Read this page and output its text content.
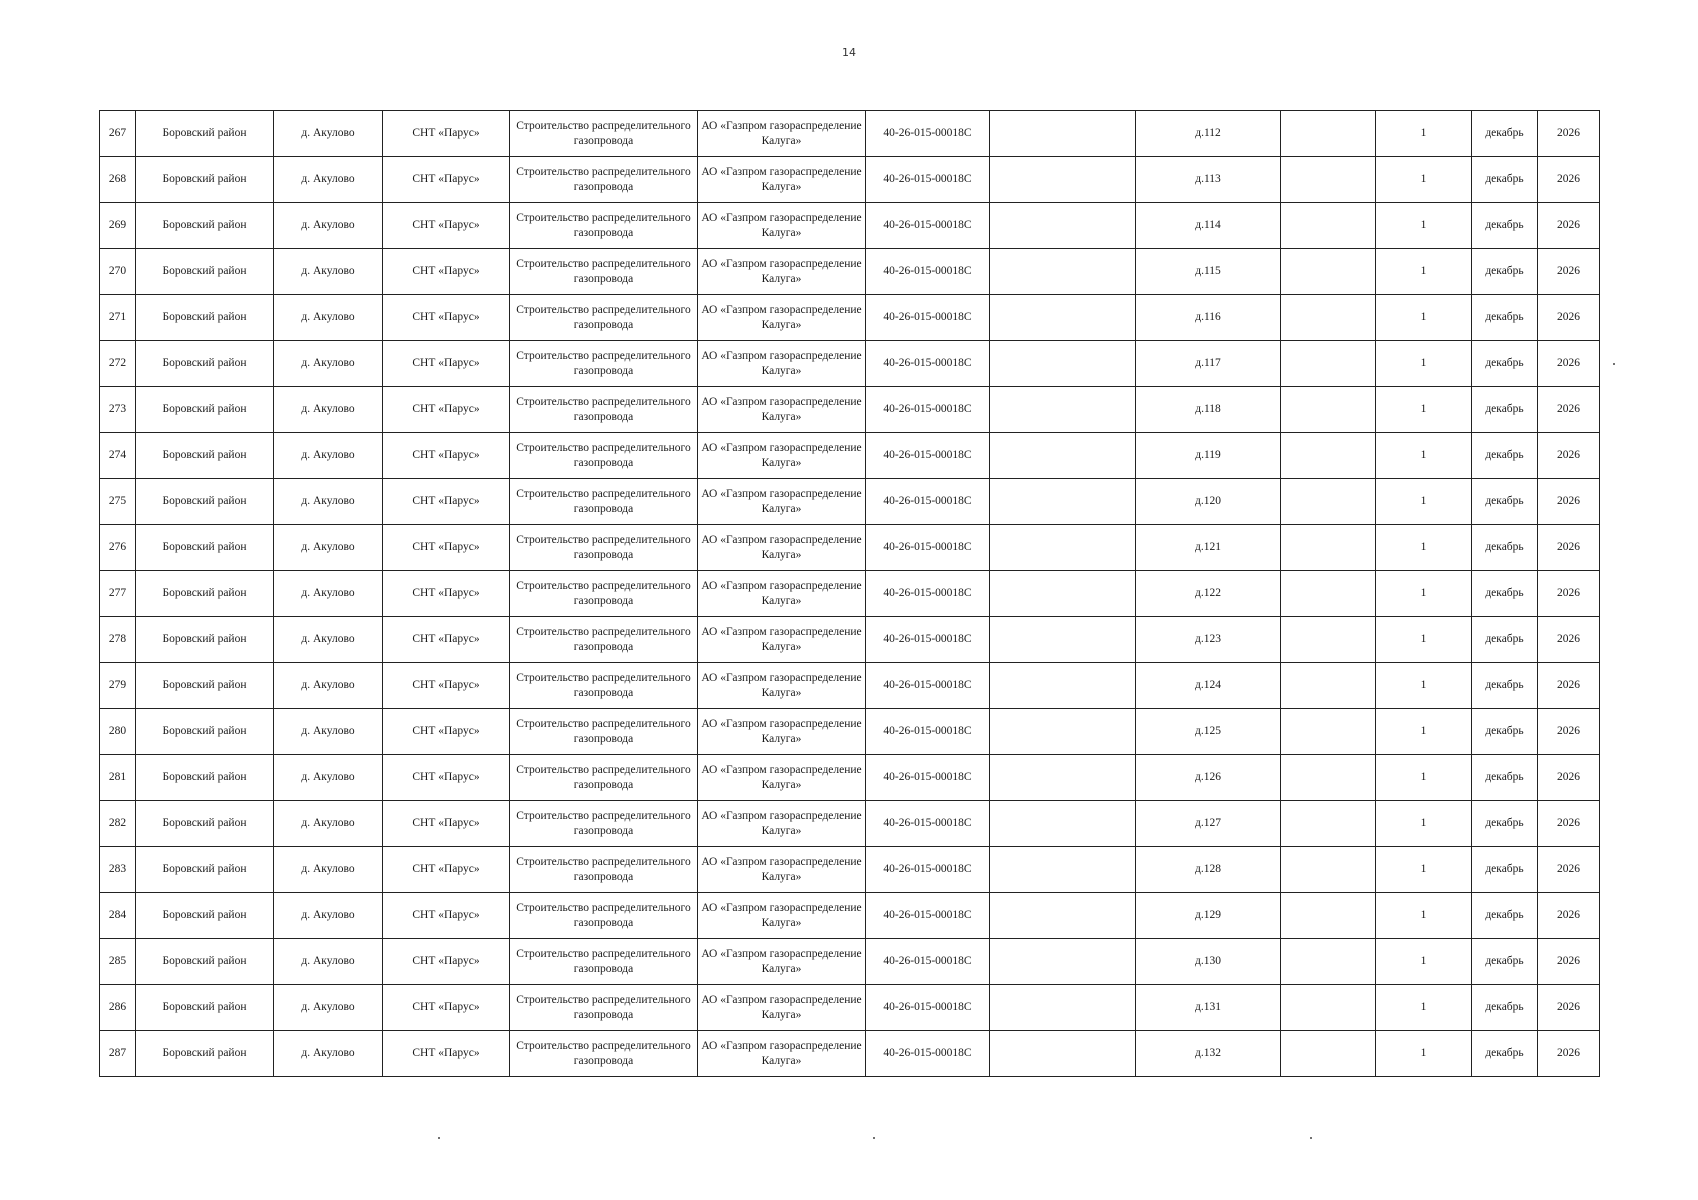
14
267	Боровский район	д. Акулово	СНТ «Парус»	Строительство распределительного газопровода	АО «Газпром газораспределение Калуга»	40-26-015-00018С		д.112		1	декабрь	2026
268	Боровский район	д. Акулово	СНТ «Парус»	Строительство распределительного газопровода	АО «Газпром газораспределение Калуга»	40-26-015-00018С		д.113		1	декабрь	2026
269	Боровский район	д. Акулово	СНТ «Парус»	Строительство распределительного газопровода	АО «Газпром газораспределение Калуга»	40-26-015-00018С		д.114		1	декабрь	2026
270	Боровский район	д. Акулово	СНТ «Парус»	Строительство распределительного газопровода	АО «Газпром газораспределение Калуга»	40-26-015-00018С		д.115		1	декабрь	2026
271	Боровский район	д. Акулово	СНТ «Парус»	Строительство распределительного газопровода	АО «Газпром газораспределение Калуга»	40-26-015-00018С		д.116		1	декабрь	2026
272	Боровский район	д. Акулово	СНТ «Парус»	Строительство распределительного газопровода	АО «Газпром газораспределение Калуга»	40-26-015-00018С		д.117		1	декабрь	2026
273	Боровский район	д. Акулово	СНТ «Парус»	Строительство распределительного газопровода	АО «Газпром газораспределение Калуга»	40-26-015-00018С		д.118		1	декабрь	2026
274	Боровский район	д. Акулово	СНТ «Парус»	Строительство распределительного газопровода	АО «Газпром газораспределение Калуга»	40-26-015-00018С		д.119		1	декабрь	2026
275	Боровский район	д. Акулово	СНТ «Парус»	Строительство распределительного газопровода	АО «Газпром газораспределение Калуга»	40-26-015-00018С		д.120		1	декабрь	2026
276	Боровский район	д. Акулово	СНТ «Парус»	Строительство распределительного газопровода	АО «Газпром газораспределение Калуга»	40-26-015-00018С		д.121		1	декабрь	2026
277	Боровский район	д. Акулово	СНТ «Парус»	Строительство распределительного газопровода	АО «Газпром газораспределение Калуга»	40-26-015-00018С		д.122		1	декабрь	2026
278	Боровский район	д. Акулово	СНТ «Парус»	Строительство распределительного газопровода	АО «Газпром газораспределение Калуга»	40-26-015-00018С		д.123		1	декабрь	2026
279	Боровский район	д. Акулово	СНТ «Парус»	Строительство распределительного газопровода	АО «Газпром газораспределение Калуга»	40-26-015-00018С		д.124		1	декабрь	2026
280	Боровский район	д. Акулово	СНТ «Парус»	Строительство распределительного газопровода	АО «Газпром газораспределение Калуга»	40-26-015-00018С		д.125		1	декабрь	2026
281	Боровский район	д. Акулово	СНТ «Парус»	Строительство распределительного газопровода	АО «Газпром газораспределение Калуга»	40-26-015-00018С		д.126		1	декабрь	2026
282	Боровский район	д. Акулово	СНТ «Парус»	Строительство распределительного газопровода	АО «Газпром газораспределение Калуга»	40-26-015-00018С		д.127		1	декабрь	2026
283	Боровский район	д. Акулово	СНТ «Парус»	Строительство распределительного газопровода	АО «Газпром газораспределение Калуга»	40-26-015-00018С		д.128		1	декабрь	2026
284	Боровский район	д. Акулово	СНТ «Парус»	Строительство распределительного газопровода	АО «Газпром газораспределение Калуга»	40-26-015-00018С		д.129		1	декабрь	2026
285	Боровский район	д. Акулово	СНТ «Парус»	Строительство распределительного газопровода	АО «Газпром газораспределение Калуга»	40-26-015-00018С		д.130		1	декабрь	2026
286	Боровский район	д. Акулово	СНТ «Парус»	Строительство распределительного газопровода	АО «Газпром газораспределение Калуга»	40-26-015-00018С		д.131		1	декабрь	2026
287	Боровский район	д. Акулово	СНТ «Парус»	Строительство распределительного газопровода	АО «Газпром газораспределение Калуга»	40-26-015-00018С		д.132		1	декабрь	2026
